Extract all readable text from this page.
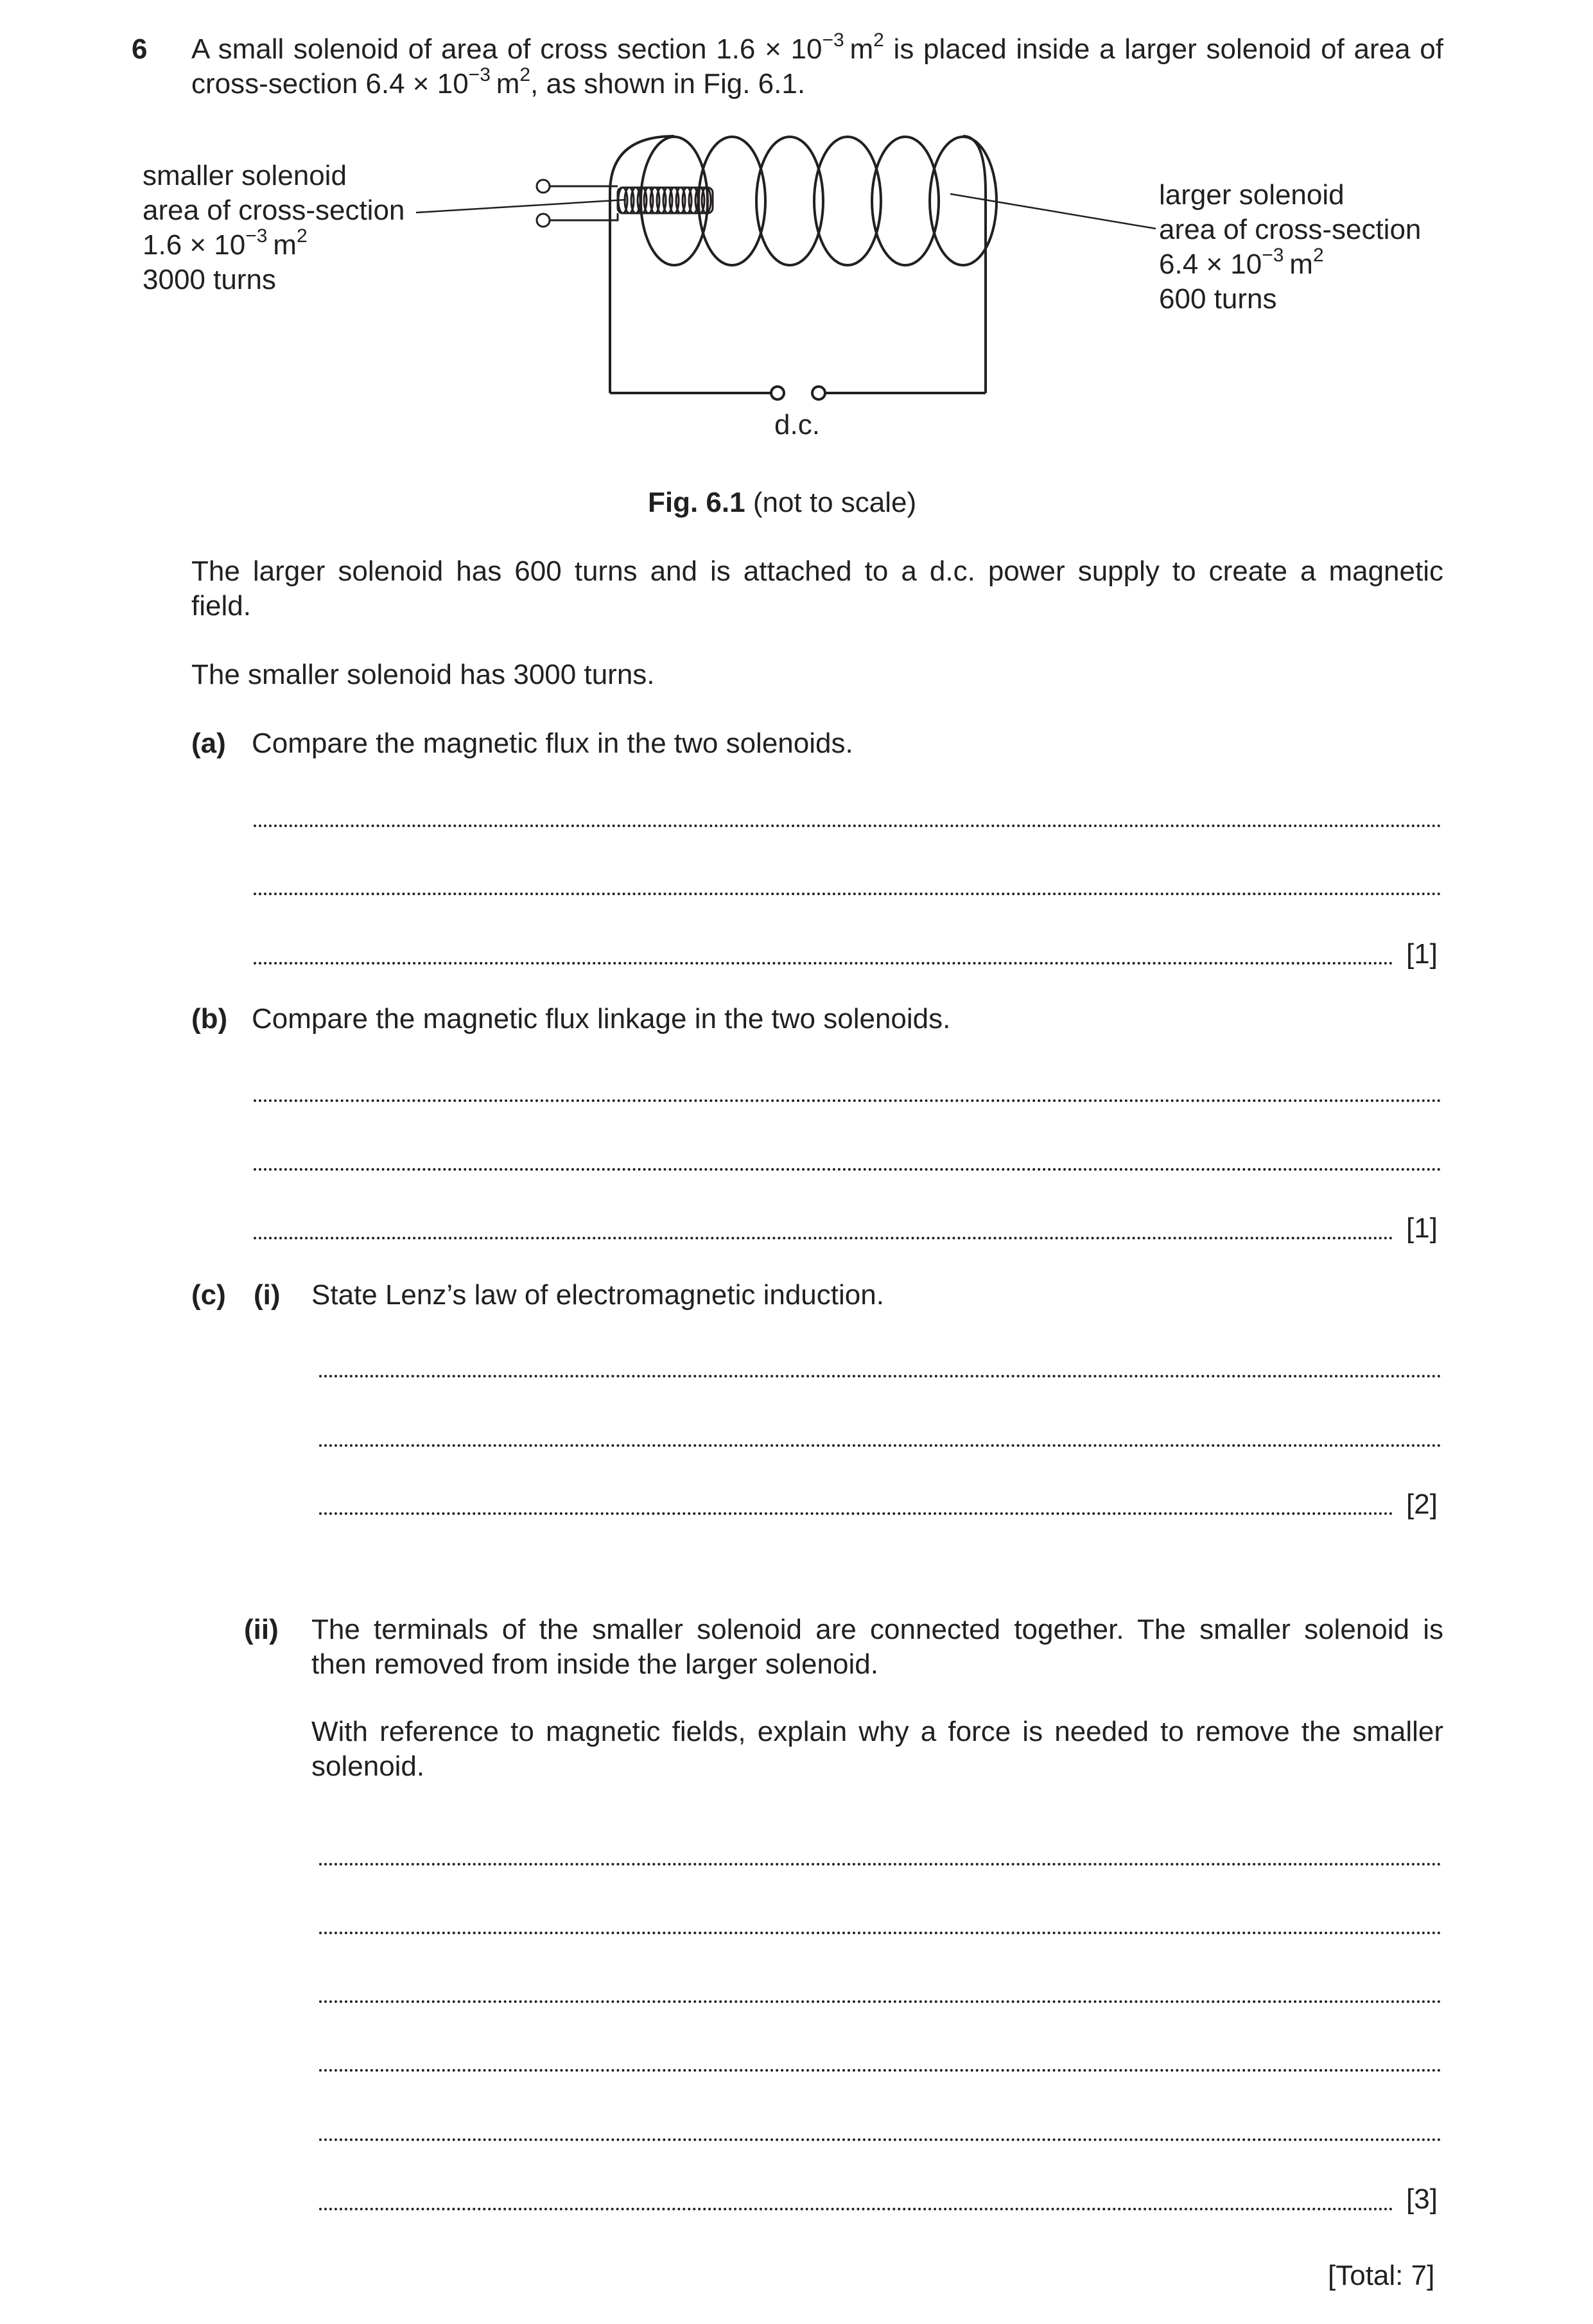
6 A small solenoid of area of cross section $1.6 \times 10^{-3}$ $m^2$ is placed inside a larger solenoid of area of
cross-section $6.4 \times 10^{-3}$ $m^2$, as shown in Fig. 6.1.
smaller solenoid
area of cross-section
$1.6 \times 10^{-3}$ $m^2$
3000 turns
larger solenoid
area of cross-section
$6.4 \times 10^{-3}$ $m^2$
600 turns
d.c.
Fig. 6.1 (not to scale)
The larger solenoid has 600 turns and is attached to a d.c. power supply to create a magnetic
field.
The smaller solenoid has 3000 turns.
(a) Compare the magnetic flux in the two solenoids.
[1]
(b) Compare the magnetic flux linkage in the two solenoids.
[1]
(c) (i) State Lenz’s law of electromagnetic induction.
[2]
(ii) The terminals of the smaller solenoid are connected together. The smaller solenoid is
then removed from inside the larger solenoid.
With reference to magnetic fields, explain why a force is needed to remove the smaller
solenoid.
[3]
[Total: 7]
